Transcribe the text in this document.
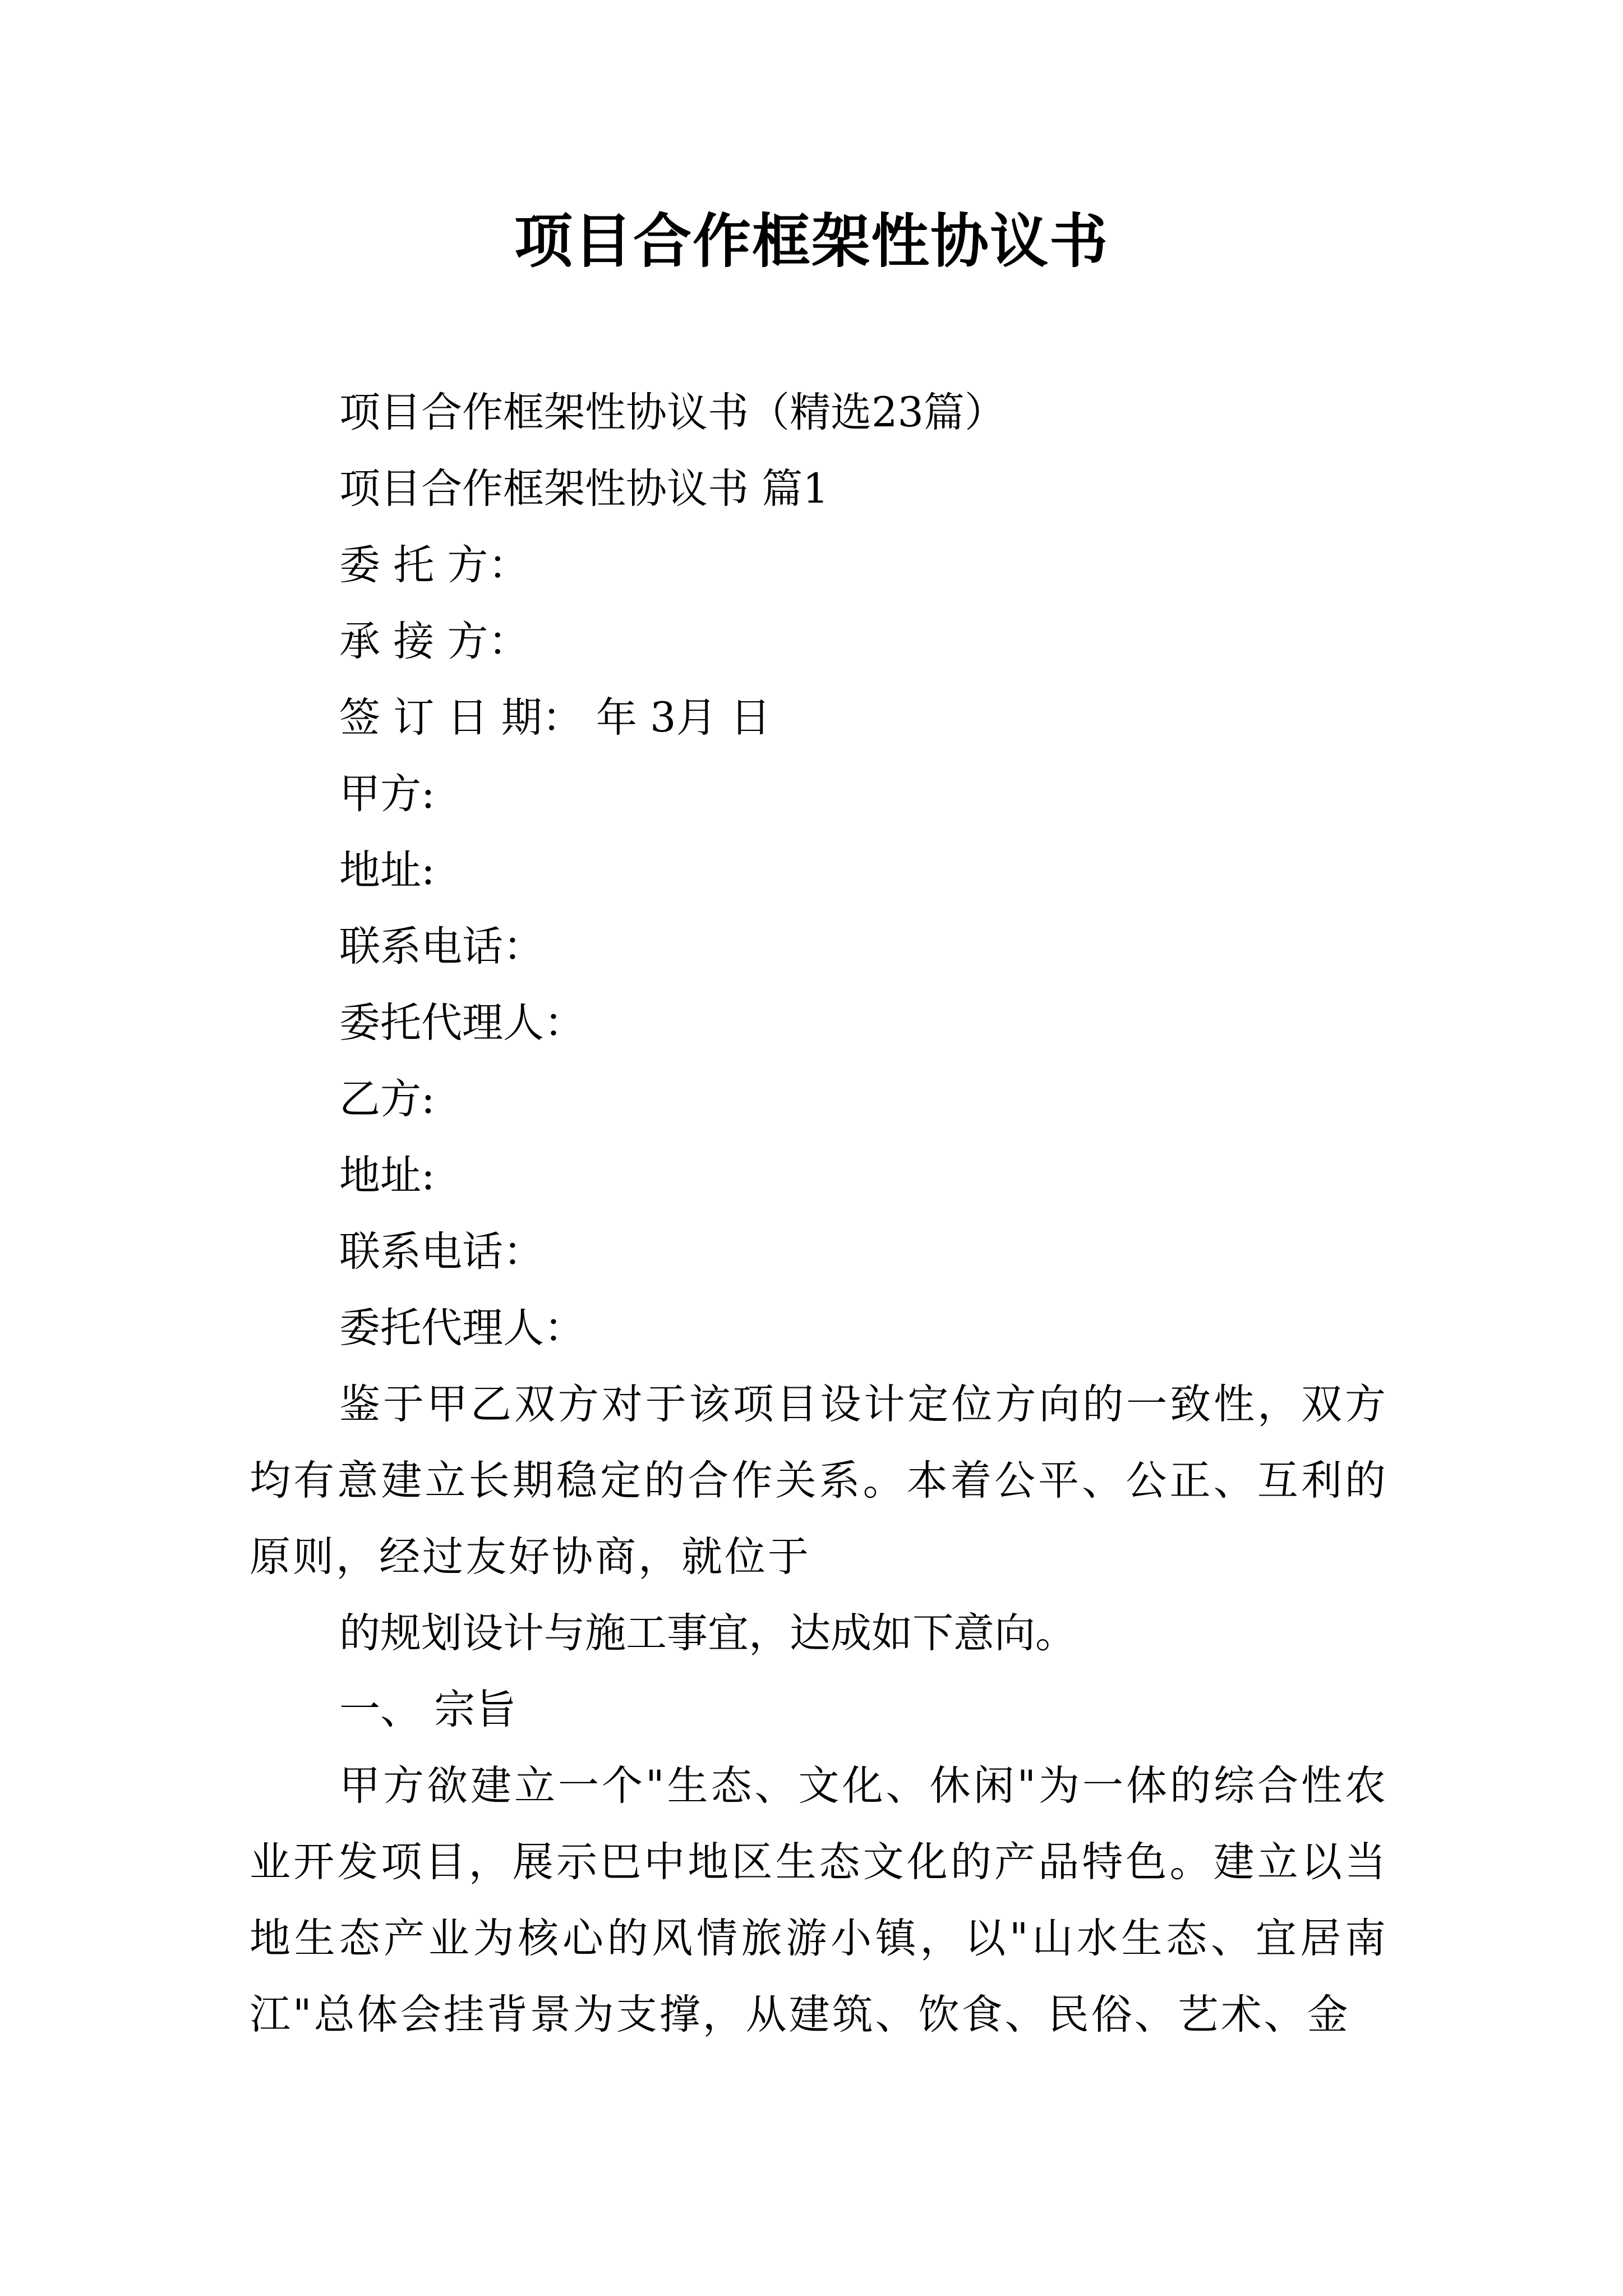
项目合作框架性协议书
项目合作框架性协议书（精选23篇）
项目合作框架性协议书 篇1
委 托 方：
承 接 方：
签 订 日 期： 年 3月 日
甲方:
地址:
联系电话：
委托代理人：
乙方:
地址:
联系电话：
委托代理人：
鉴于甲乙双方对于该项目设计定位方向的一致性，双方均有意建立长期稳定的合作关系。本着公平、公正、互利的原则，经过友好协商，就位于
的规划设计与施工事宜，达成如下意向。
一、 宗旨
甲方欲建立一个"生态、文化、休闲"为一体的综合性农业开发项目，展示巴中地区生态文化的产品特色。建立以当地生态产业为核心的风情旅游小镇，以"山水生态、宜居南江"总体会挂背景为支撑，从建筑、饮食、民俗、艺术、金
